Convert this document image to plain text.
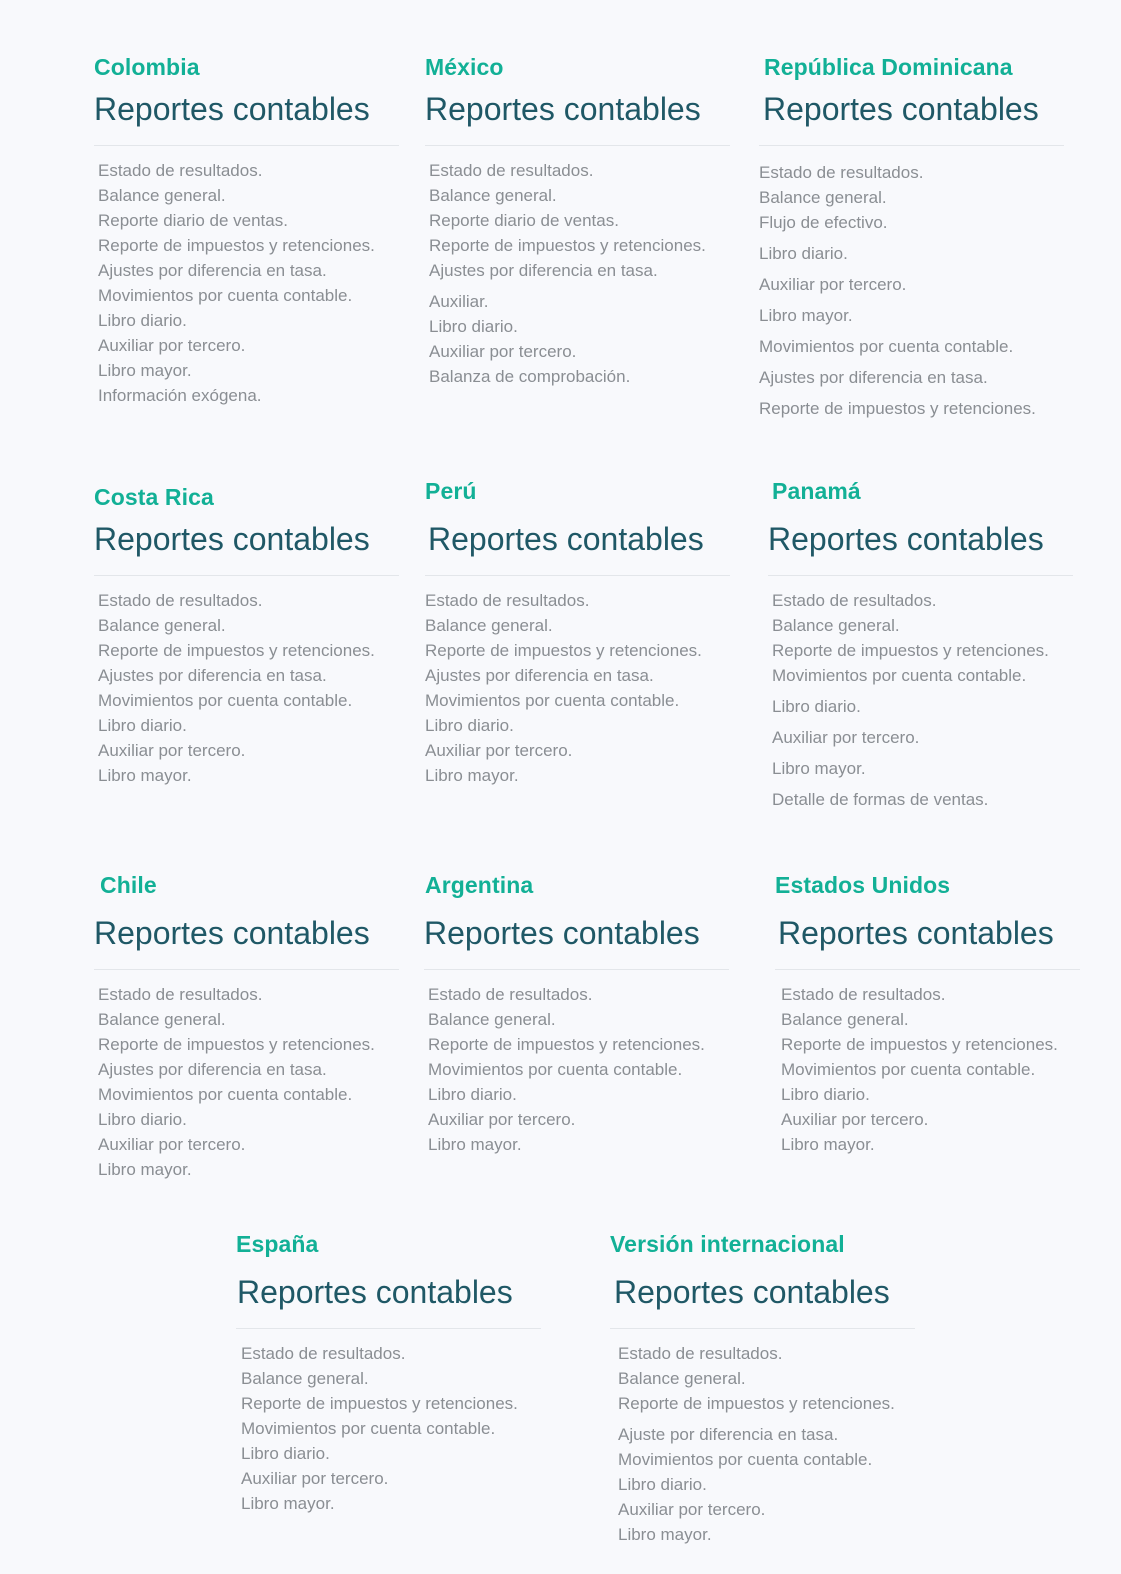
Colombia
Reportes contables
Estado de resultados.
Balance general.
Reporte diario de ventas.
Reporte de impuestos y retenciones.
Ajustes por diferencia en tasa.
Movimientos por cuenta contable.
Libro diario.
Auxiliar por tercero.
Libro mayor.
Información exógena.
México
Reportes contables
Estado de resultados.
Balance general.
Reporte diario de ventas.
Reporte de impuestos y retenciones.
Ajustes por diferencia en tasa.
Auxiliar.
Libro diario.
Auxiliar por tercero.
Balanza de comprobación.
República Dominicana
Reportes contables
Estado de resultados.
Balance general.
Flujo de efectivo.
Libro diario.
Auxiliar por tercero.
Libro mayor.
Movimientos por cuenta contable.
Ajustes por diferencia en tasa.
Reporte de impuestos y retenciones.
Costa Rica
Reportes contables
Estado de resultados.
Balance general.
Reporte de impuestos y retenciones.
Ajustes por diferencia en tasa.
Movimientos por cuenta contable.
Libro diario.
Auxiliar por tercero.
Libro mayor.
Perú
Reportes contables
Estado de resultados.
Balance general.
Reporte de impuestos y retenciones.
Ajustes por diferencia en tasa.
Movimientos por cuenta contable.
Libro diario.
Auxiliar por tercero.
Libro mayor.
Panamá
Reportes contables
Estado de resultados.
Balance general.
Reporte de impuestos y retenciones.
Movimientos por cuenta contable.
Libro diario.
Auxiliar por tercero.
Libro mayor.
Detalle de formas de ventas.
Chile
Reportes contables
Estado de resultados.
Balance general.
Reporte de impuestos y retenciones.
Ajustes por diferencia en tasa.
Movimientos por cuenta contable.
Libro diario.
Auxiliar por tercero.
Libro mayor.
Argentina
Reportes contables
Estado de resultados.
Balance general.
Reporte de impuestos y retenciones.
Movimientos por cuenta contable.
Libro diario.
Auxiliar por tercero.
Libro mayor.
Estados Unidos
Reportes contables
Estado de resultados.
Balance general.
Reporte de impuestos y retenciones.
Movimientos por cuenta contable.
Libro diario.
Auxiliar por tercero.
Libro mayor.
España
Reportes contables
Estado de resultados.
Balance general.
Reporte de impuestos y retenciones.
Movimientos por cuenta contable.
Libro diario.
Auxiliar por tercero.
Libro mayor.
Versión internacional
Reportes contables
Estado de resultados.
Balance general.
Reporte de impuestos y retenciones.
Ajuste por diferencia en tasa.
Movimientos por cuenta contable.
Libro diario.
Auxiliar por tercero.
Libro mayor.
